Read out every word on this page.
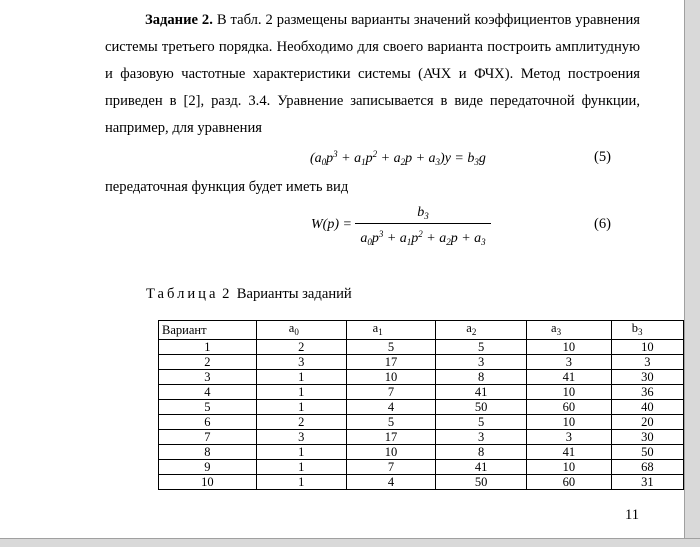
Задание 2. В табл. 2 размещены варианты значений коэффициентов уравнения системы третьего порядка. Необходимо для своего варианта построить амплитудную и фазовую частотные характеристики системы (АЧХ и ФЧХ). Метод построения приведен в [2], разд. 3.4. Уравнение записывается в виде передаточной функции, например, для уравнения

$(a_0p^3 + a_1p^2 + a_2p + a_3)y = b_3g$	(5)
передаточная функция будет иметь вид
W(p) =
$b_3$
$a_0p^3 + a_1p^2 + a_2p + a_3$
(6)
Таблица 2 Варианты заданий
Вариант	$a_0$	$a_1$	$a_2$	$a_3$	$b_3$
1	2	5	5	10	10
2	3	17	3	3	3
3	1	10	8	41	30
4	1	7	41	10	36
5	1	4	50	60	40
6	2	5	5	10	20
7	3	17	3	3	30
8	1	10	8	41	50
9	1	7	41	10	68
10	1	4	50	60	31
11
